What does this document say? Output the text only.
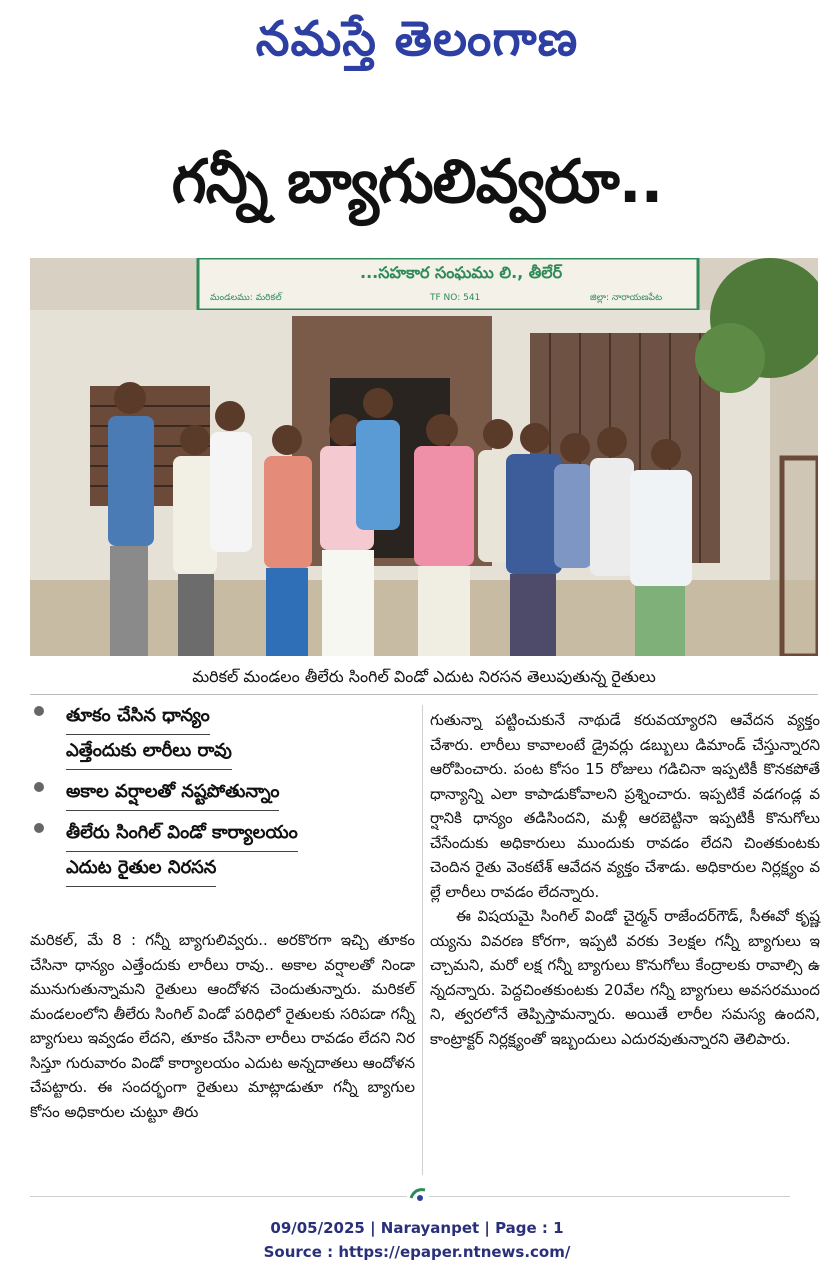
నమస్తే తెలంగాణ
గన్నీ బ్యాగులివ్వరూ..
...సహకార సంఘము లి., తీలేర్
మండలము: మరికల్	TF NO: 541	జిల్లా: నారాయణపేట
మరికల్ మండలం తీలేరు సింగిల్ విండో ఎదుట నిరసన తెలుపుతున్న రైతులు
తూకం చేసిన ధాన్యం
ఎత్తేందుకు లారీలు రావు
అకాల వర్షాలతో నష్టపోతున్నాం
తీలేరు సింగిల్ విండో కార్యాలయం
ఎదుట రైతుల నిరసన

మరికల్, మే 8 : గన్నీ బ్యాగులివ్వరు.. అరకొరగా ఇచ్చి తూకం చేసినా ధాన్యం ఎత్తేందుకు లారీలు రావు.. అకాల వర్షాలతో నిండా మునుగుతున్నామని రైతులు ఆందోళన చెందుతున్నారు. మరికల్ మండలంలోని తీలేరు సింగిల్ విండో పరిధిలో రైతులకు సరిపడా గన్నీ బ్యాగులు ఇవ్వడం లేదని, తూకం చేసినా లారీలు రావడం లేదని నిరసిస్తూ గురువారం విండో కార్యాలయం ఎదుట అన్నదాతలు ఆందోళన చేపట్టారు. ఈ సందర్భంగా రైతులు మాట్లాడుతూ గన్నీ బ్యాగుల కోసం అధికారుల చుట్టూ తిరు

గుతున్నా పట్టించుకునే నాథుడే కరువయ్యారని ఆవేదన వ్యక్తం చేశారు. లారీలు కావాలంటే డ్రైవర్లు డబ్బులు డిమాండ్ చేస్తున్నారని ఆరోపించారు. పంట కోసం 15 రోజులు గడిచినా ఇప్పటికీ కొనకపోతే ధాన్యాన్ని ఎలా కాపాడుకోవాలని ప్రశ్నించారు. ఇప్పటికే వడగండ్ల వర్షానికి ధాన్యం తడిసిందని, మళ్లీ ఆరబెట్టినా ఇప్పటికీ కొనుగోలు చేసేందుకు అధికారులు ముందుకు రావడం లేదని చింతకుంటకు చెందిన రైతు వెంకటేశ్ ఆవేదన వ్యక్తం చేశాడు. అధికారుల నిర్లక్ష్యం వల్లే లారీలు రావడం లేదన్నారు.

ఈ విషయమై సింగిల్ విండో చైర్మన్ రాజేందర్‌గౌడ్, సీఈవో కృష్ణయ్యను వివరణ కోరగా, ఇప్పటి వరకు 3లక్షల గన్నీ బ్యాగులు ఇచ్చామని, మరో లక్ష గన్నీ బ్యాగులు కొనుగోలు కేంద్రాలకు రావాల్సి ఉన్నదన్నారు. పెద్దచింతకుంటకు 20వేల గన్నీ బ్యాగులు అవసరముందని, త్వరలోనే తెప్పిస్తామన్నారు. అయితే లారీల సమస్య ఉందని, కాంట్రాక్టర్ నిర్లక్ష్యంతో ఇబ్బందులు ఎదురవుతున్నారని తెలిపారు.

09/05/2025 | Narayanpet | Page : 1
Source : https://epaper.ntnews.com/
